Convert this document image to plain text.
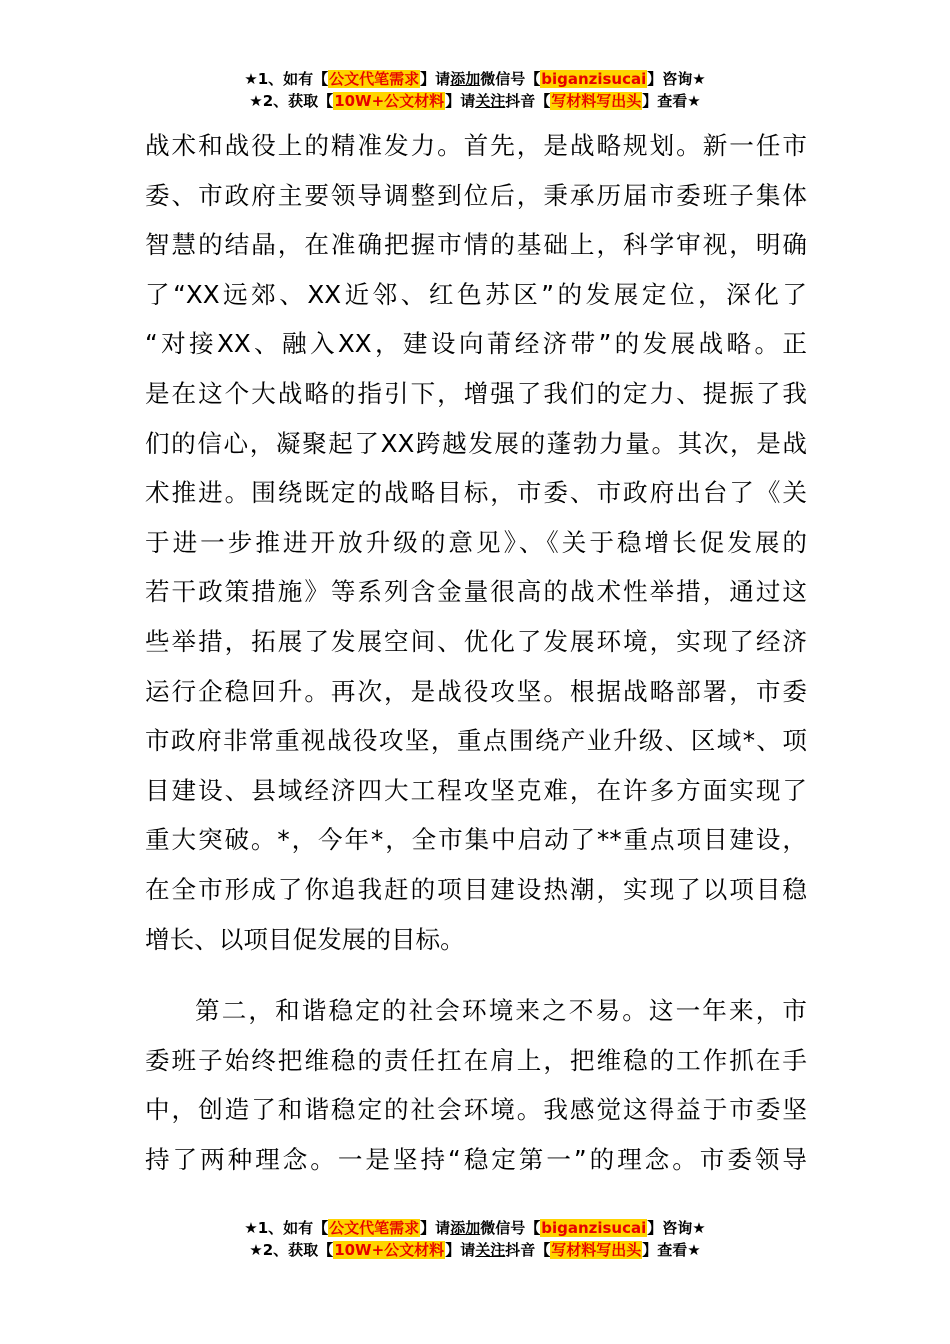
★1、如有【公文代笔需求】请添加微信号【biganzisucai】咨询★
★2、获取【10W+公文材料】请关注抖音【写材料写出头】查看★
战术和战役上的精准发力。首先，是战略规划。新一任市
委、市政府主要领导调整到位后，秉承历届市委班子集体
智慧的结晶，在准确把握市情的基础上，科学审视，明确
了“XX远郊、XX近邻、红色苏区”的发展定位，深化了
“对接XX、融入XX，建设向莆经济带”的发展战略。正
是在这个大战略的指引下，增强了我们的定力、提振了我
们的信心，凝聚起了XX跨越发展的蓬勃力量。其次，是战
术推进。围绕既定的战略目标，市委、市政府出台了《关
于进一步推进开放升级的意见》、《关于稳增长促发展的
若干政策措施》等系列含金量很高的战术性举措，通过这
些举措，拓展了发展空间、优化了发展环境，实现了经济
运行企稳回升。再次，是战役攻坚。根据战略部署，市委
市政府非常重视战役攻坚，重点围绕产业升级、区域*、项
目建设、县域经济四大工程攻坚克难，在许多方面实现了
重大突破。*，今年*，全市集中启动了**重点项目建设，
在全市形成了你追我赶的项目建设热潮，实现了以项目稳
增长、以项目促发展的目标。
第二，和谐稳定的社会环境来之不易。这一年来，市
委班子始终把维稳的责任扛在肩上，把维稳的工作抓在手
中，创造了和谐稳定的社会环境。我感觉这得益于市委坚
持了两种理念。一是坚持“稳定第一”的理念。市委领导
★1、如有【公文代笔需求】请添加微信号【biganzisucai】咨询★
★2、获取【10W+公文材料】请关注抖音【写材料写出头】查看★
